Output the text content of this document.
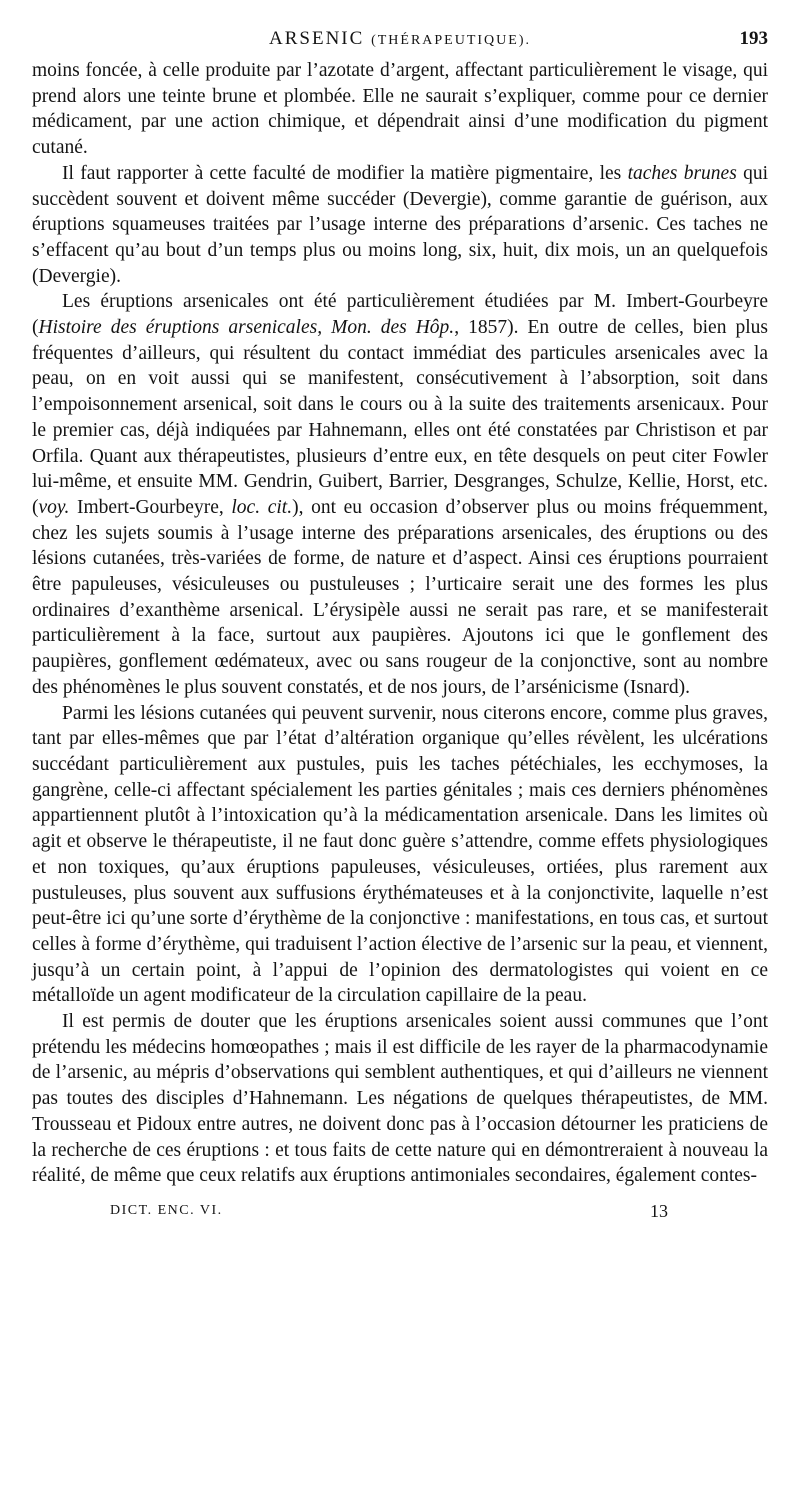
ARSENIC (THÉRAPEUTIQUE).	193

moins foncée, à celle produite par l’azotate d’argent, affectant particulièrement le visage, qui prend alors une teinte brune et plombée. Elle ne saurait s’expliquer, comme pour ce dernier médicament, par une action chimique, et dépendrait ainsi d’une modification du pigment cutané.

Il faut rapporter à cette faculté de modifier la matière pigmentaire, les taches brunes qui succèdent souvent et doivent même succéder (Devergie), comme garantie de guérison, aux éruptions squameuses traitées par l’usage interne des préparations d’arsenic. Ces taches ne s’effacent qu’au bout d’un temps plus ou moins long, six, huit, dix mois, un an quelquefois (Devergie).

Les éruptions arsenicales ont été particulièrement étudiées par M. Imbert-Gourbeyre (Histoire des éruptions arsenicales, Mon. des Hôp., 1857). En outre de celles, bien plus fréquentes d’ailleurs, qui résultent du contact immédiat des particules arsenicales avec la peau, on en voit aussi qui se manifestent, consécutivement à l’absorption, soit dans l’empoisonnement arsenical, soit dans le cours ou à la suite des traitements arsenicaux. Pour le premier cas, déjà indiquées par Hahnemann, elles ont été constatées par Christison et par Orfila. Quant aux thérapeutistes, plusieurs d’entre eux, en tête desquels on peut citer Fowler lui-même, et ensuite MM. Gendrin, Guibert, Barrier, Desgranges, Schulze, Kellie, Horst, etc. (voy. Imbert-Gourbeyre, loc. cit.), ont eu occasion d’observer plus ou moins fréquemment, chez les sujets soumis à l’usage interne des préparations arsenicales, des éruptions ou des lésions cutanées, très-variées de forme, de nature et d’aspect. Ainsi ces éruptions pourraient être papuleuses, vésiculeuses ou pustuleuses ; l’urticaire serait une des formes les plus ordinaires d’exanthème arsenical. L’érysipèle aussi ne serait pas rare, et se manifesterait particulièrement à la face, surtout aux paupières. Ajoutons ici que le gonflement des paupières, gonflement œdémateux, avec ou sans rougeur de la conjonctive, sont au nombre des phénomènes le plus souvent constatés, et de nos jours, de l’arsénicisme (Isnard).

Parmi les lésions cutanées qui peuvent survenir, nous citerons encore, comme plus graves, tant par elles-mêmes que par l’état d’altération organique qu’elles révèlent, les ulcérations succédant particulièrement aux pustules, puis les taches pétéchiales, les ecchymoses, la gangrène, celle-ci affectant spécialement les parties génitales ; mais ces derniers phénomènes appartiennent plutôt à l’intoxication qu’à la médicamentation arsenicale. Dans les limites où agit et observe le thérapeutiste, il ne faut donc guère s’attendre, comme effets physiologiques et non toxiques, qu’aux éruptions papuleuses, vésiculeuses, ortiées, plus rarement aux pustuleuses, plus souvent aux suffusions érythémateuses et à la conjonctivite, laquelle n’est peut-être ici qu’une sorte d’érythème de la conjonctive : manifestations, en tous cas, et surtout celles à forme d’érythème, qui traduisent l’action élective de l’arsenic sur la peau, et viennent, jusqu’à un certain point, à l’appui de l’opinion des dermatologistes qui voient en ce métalloïde un agent modificateur de la circulation capillaire de la peau.

Il est permis de douter que les éruptions arsenicales soient aussi communes que l’ont prétendu les médecins homœopathes ; mais il est difficile de les rayer de la pharmacodynamie de l’arsenic, au mépris d’observations qui semblent authentiques, et qui d’ailleurs ne viennent pas toutes des disciples d’Hahnemann. Les négations de quelques thérapeutistes, de MM. Trousseau et Pidoux entre autres, ne doivent donc pas à l’occasion détourner les praticiens de la recherche de ces éruptions : et tous faits de cette nature qui en démontreraient à nouveau la réalité, de même que ceux relatifs aux éruptions antimoniales secondaires, également contes-

DICT. ENC. VI.	13
